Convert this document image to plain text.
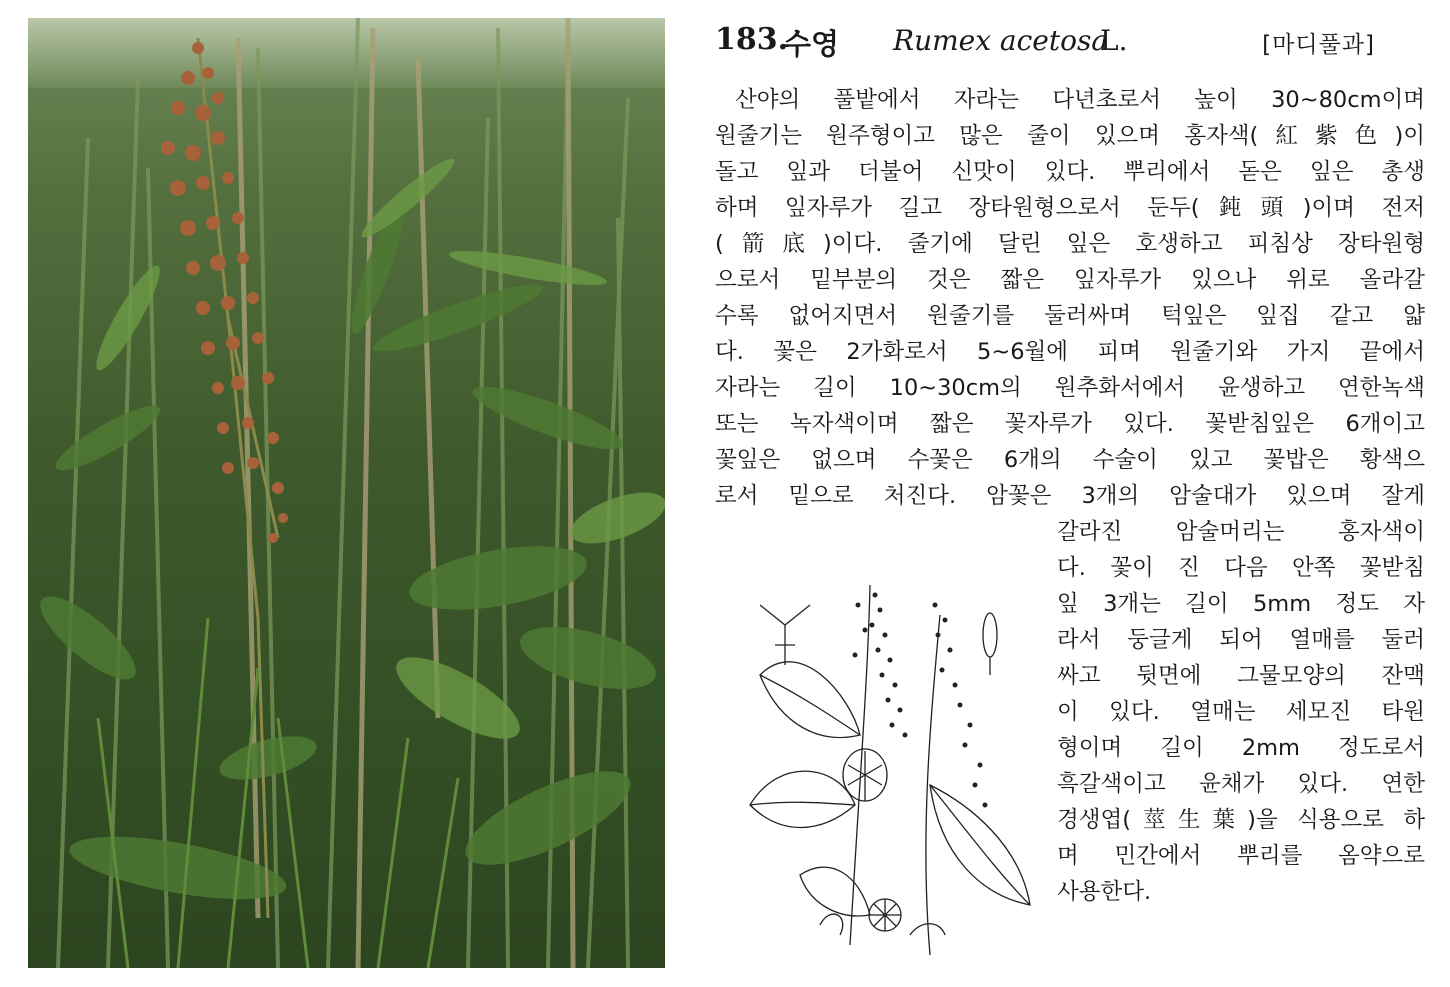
183.
수영 Rumex acetosa
L.	[마디풀과]
산야의 풀밭에서 자라는 다년초로서 높이 30~80cm이며
원줄기는 원주형이고 많은 줄이 있으며 홍자색(紅紫色)이
돌고 잎과 더불어 신맛이 있다. 뿌리에서 돋은 잎은 총생
하며 잎자루가 길고 장타원형으로서 둔두(鈍頭)이며 전저
(箭底)이다. 줄기에 달린 잎은 호생하고 피침상 장타원형
으로서 밑부분의 것은 짧은 잎자루가 있으나 위로 올라갈
수록 없어지면서 원줄기를 둘러싸며 턱잎은 잎집 같고 얇
다. 꽃은 2가화로서 5~6월에 피며 원줄기와 가지 끝에서
자라는 길이 10~30cm의 원추화서에서 윤생하고 연한녹색
또는 녹자색이며 짧은 꽃자루가 있다. 꽃받침잎은 6개이고
꽃잎은 없으며 수꽃은 6개의 수술이 있고 꽃밥은 황색으
로서 밑으로 처진다. 암꽃은 3개의 암술대가 있으며 잘게
갈라진 암술머리는 홍자색이
다. 꽃이 진 다음 안쪽 꽃받침
잎 3개는 길이 5mm 정도 자
라서 둥글게 되어 열매를 둘러
싸고 뒷면에 그물모양의 잔맥
이 있다. 열매는 세모진 타원
형이며 길이 2mm 정도로서
흑갈색이고 윤채가 있다. 연한
경생엽(莖生葉)을 식용으로 하
며 민간에서 뿌리를 옴약으로
사용한다.
